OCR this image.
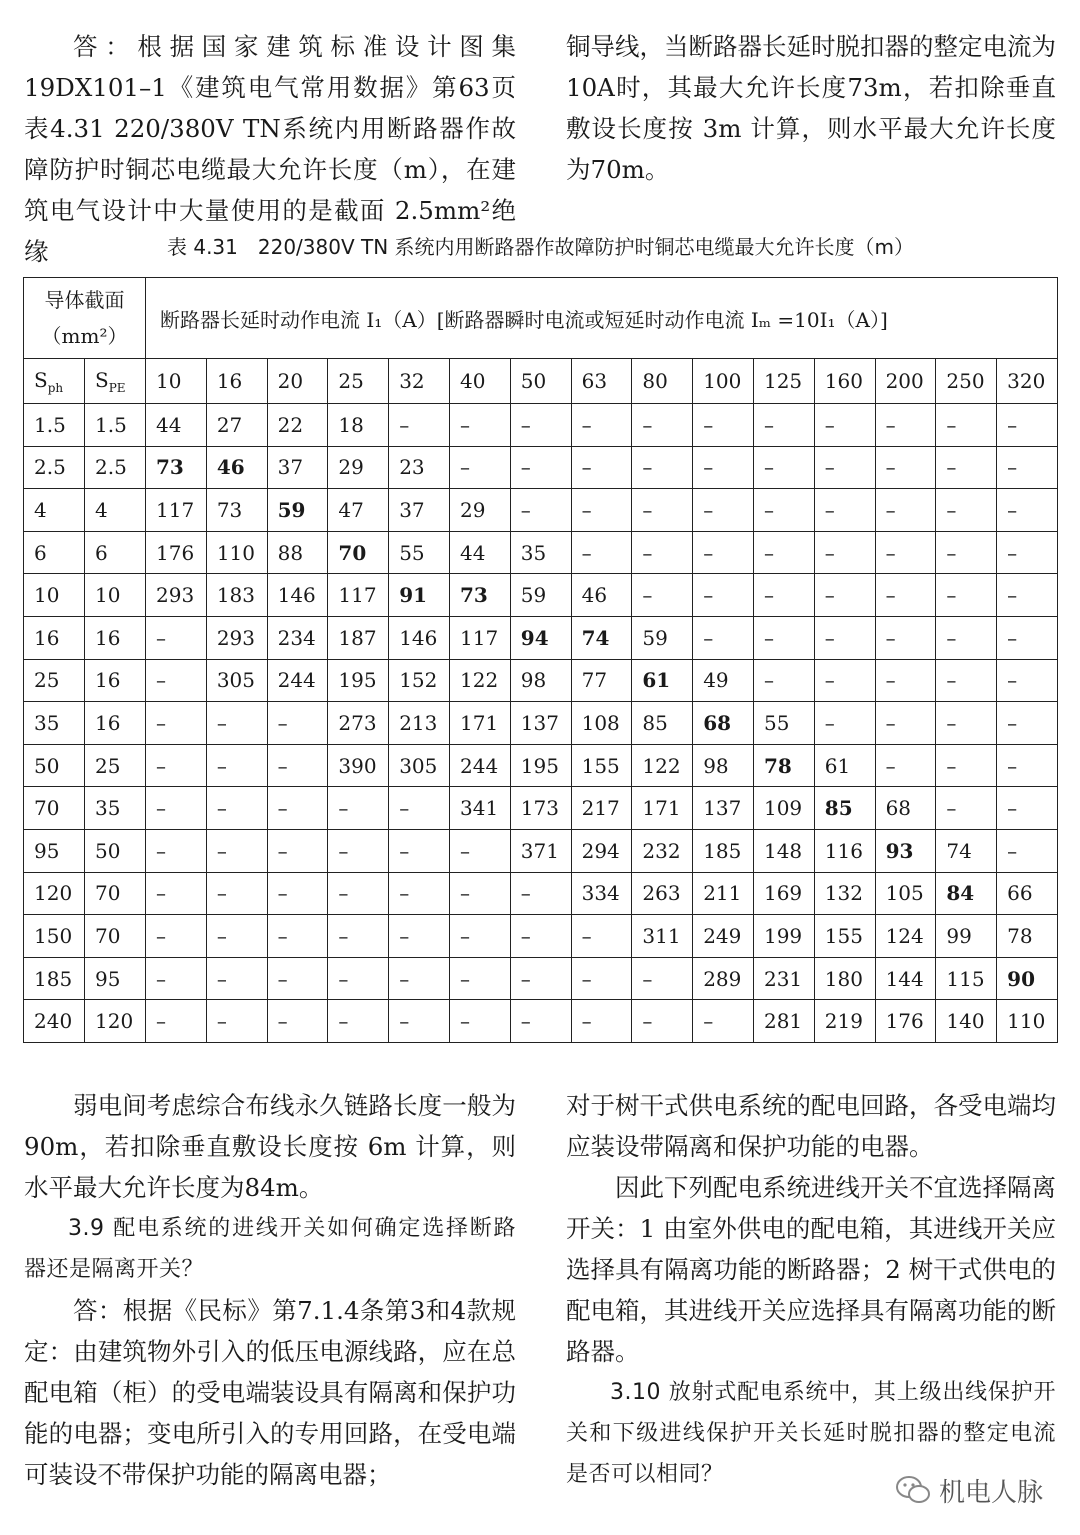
答：根据国家建筑标准设计图集19DX101–1《建筑电气常用数据》第63页表4.31 220/380V TN系统内用断路器作故障防护时铜芯电缆最大允许长度（m），在建筑电气设计中大量使用的是截面 2.5mm²绝缘

铜导线，当断路器长延时脱扣器的整定电流为10A时，其最大允许长度73m，若扣除垂直敷设长度按 3m 计算，则水平最大允许长度为70m。

表 4.31　220/380V TN 系统内用断路器作故障防护时铜芯电缆最大允许长度（m）
导体截面
（mm²）		断路器长延时动作电流 I₁（A）[断路器瞬时电流或短延时动作电流 Iₘ =10I₁（A）]														
$S_{ph}$	$S_{PE}$	10	16	20	25	32	40	50	63	80	100	125	160	200	250	320
1.5	1.5	44	27	22	18	–	–	–	–	–	–	–	–	–	–	–
2.5	2.5	73	46	37	29	23	–	–	–	–	–	–	–	–	–	–
4	4	117	73	59	47	37	29	–	–	–	–	–	–	–	–	–
6	6	176	110	88	70	55	44	35	–	–	–	–	–	–	–	–
10	10	293	183	146	117	91	73	59	46	–	–	–	–	–	–	–
16	16	–	293	234	187	146	117	94	74	59	–	–	–	–	–	–
25	16	–	305	244	195	152	122	98	77	61	49	–	–	–	–	–
35	16	–	–	–	273	213	171	137	108	85	68	55	–	–	–	–
50	25	–	–	–	390	305	244	195	155	122	98	78	61	–	–	–
70	35	–	–	–	–	–	341	173	217	171	137	109	85	68	–	–
95	50	–	–	–	–	–	–	371	294	232	185	148	116	93	74	–
120	70	–	–	–	–	–	–	–	334	263	211	169	132	105	84	66
150	70	–	–	–	–	–	–	–	–	311	249	199	155	124	99	78
185	95	–	–	–	–	–	–	–	–	–	289	231	180	144	115	90
240	120	–	–	–	–	–	–	–	–	–	–	281	219	176	140	110

弱电间考虑综合布线永久链路长度一般为 90m，若扣除垂直敷设长度按 6m 计算，则水平最大允许长度为84m。

3.9 配电系统的进线开关如何确定选择断路器还是隔离开关？

答：根据《民标》第7.1.4条第3和4款规定：由建筑物外引入的低压电源线路，应在总配电箱（柜）的受电端装设具有隔离和保护功能的电器；变电所引入的专用回路，在受电端可装设不带保护功能的隔离电器；

对于树干式供电系统的配电回路，各受电端均应装设带隔离和保护功能的电器。

因此下列配电系统进线开关不宜选择隔离开关：1 由室外供电的配电箱，其进线开关应选择具有隔离功能的断路器；2 树干式供电的配电箱，其进线开关应选择具有隔离功能的断路器。

3.10 放射式配电系统中，其上级出线保护开关和下级进线保护开关长延时脱扣器的整定电流是否可以相同？

机电人脉
